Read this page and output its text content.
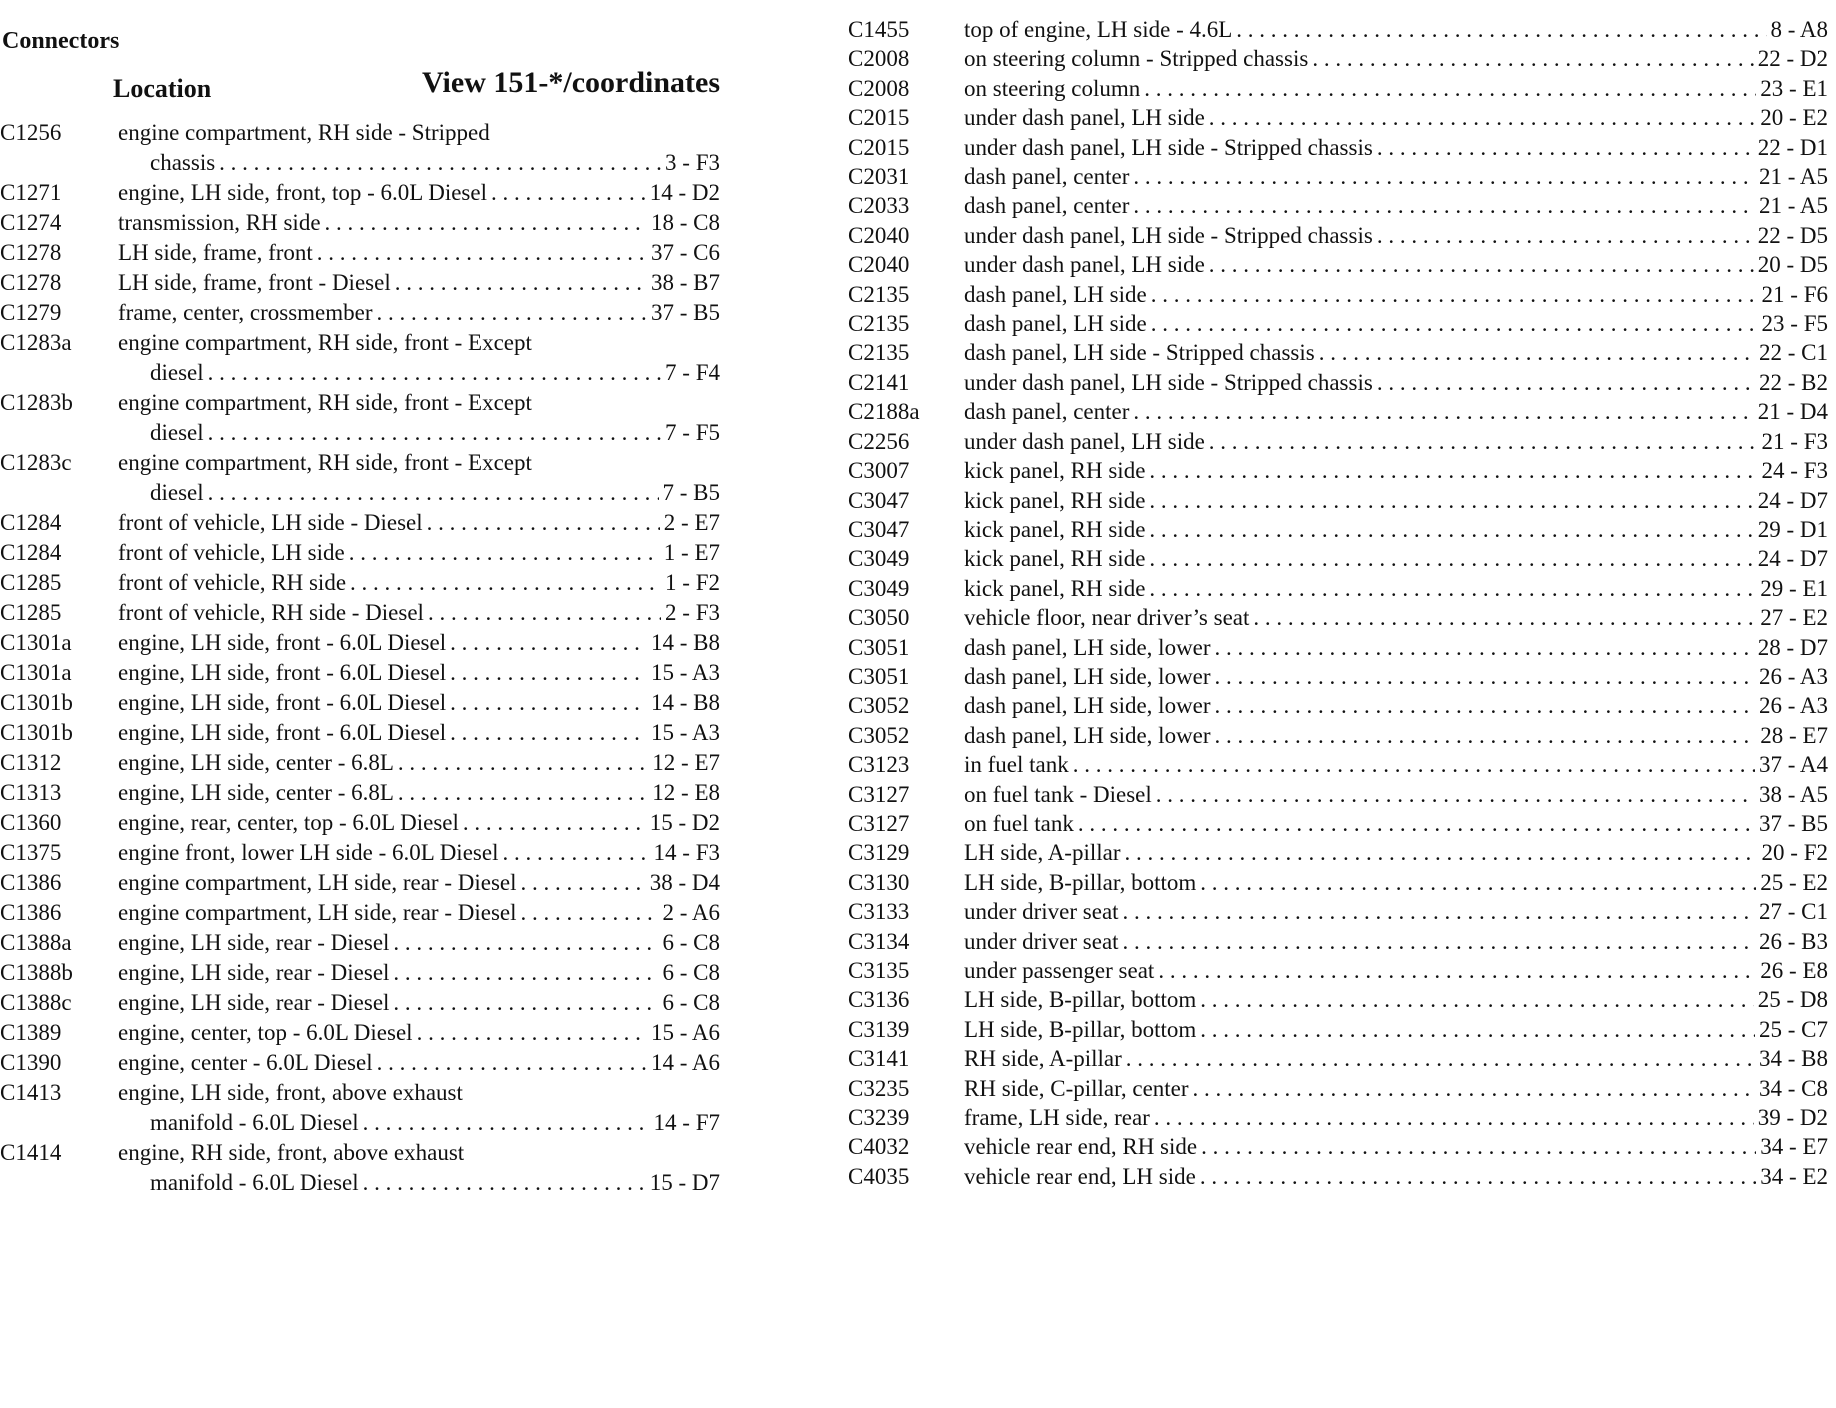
Connectors
Location	View 151-*/coordinates
C1256	engine compartment, RH side - Stripped
chassis . . .	3 - F3
C1271	engine, LH side, front, top - 6.0L Diesel . . .	14 - D2
C1274	transmission, RH side . . .	18 - C8
C1278	LH side, frame, front . . .	37 - C6
C1278	LH side, frame, front - Diesel . . .	38 - B7
C1279	frame, center, crossmember . . .	37 - B5
C1283a	engine compartment, RH side, front - Except
diesel . . .	7 - F4
C1283b	engine compartment, RH side, front - Except
diesel . . .	7 - F5
C1283c	engine compartment, RH side, front - Except
diesel . . .	7 - B5
C1284	front of vehicle, LH side - Diesel . . .	2 - E7
C1284	front of vehicle, LH side . . .	1 - E7
C1285	front of vehicle, RH side . . .	1 - F2
C1285	front of vehicle, RH side - Diesel . . .	2 - F3
C1301a	engine, LH side, front - 6.0L Diesel . . .	14 - B8
C1301a	engine, LH side, front - 6.0L Diesel . . .	15 - A3
C1301b	engine, LH side, front - 6.0L Diesel . . .	14 - B8
C1301b	engine, LH side, front - 6.0L Diesel . . .	15 - A3
C1312	engine, LH side, center - 6.8L . . .	12 - E7
C1313	engine, LH side, center - 6.8L . . .	12 - E8
C1360	engine, rear, center, top - 6.0L Diesel . . .	15 - D2
C1375	engine front, lower LH side - 6.0L Diesel . . .	14 - F3
C1386	engine compartment, LH side, rear - Diesel . . .	38 - D4
C1386	engine compartment, LH side, rear - Diesel . . .	2 - A6
C1388a	engine, LH side, rear - Diesel . . .	6 - C8
C1388b	engine, LH side, rear - Diesel . . .	6 - C8
C1388c	engine, LH side, rear - Diesel . . .	6 - C8
C1389	engine, center, top - 6.0L Diesel . . .	15 - A6
C1390	engine, center - 6.0L Diesel . . .	14 - A6
C1413	engine, LH side, front, above exhaust
manifold - 6.0L Diesel . . .	14 - F7
C1414	engine, RH side, front, above exhaust
manifold - 6.0L Diesel . . .	15 - D7
C1455	top of engine, LH side - 4.6L . . .	8 - A8
C2008	on steering column - Stripped chassis . . .	22 - D2
C2008	on steering column . . .	23 - E1
C2015	under dash panel, LH side . . .	20 - E2
C2015	under dash panel, LH side - Stripped chassis . . .	22 - D1
C2031	dash panel, center . . .	21 - A5
C2033	dash panel, center . . .	21 - A5
C2040	under dash panel, LH side - Stripped chassis . . .	22 - D5
C2040	under dash panel, LH side . . .	20 - D5
C2135	dash panel, LH side . . .	21 - F6
C2135	dash panel, LH side . . .	23 - F5
C2135	dash panel, LH side - Stripped chassis . . .	22 - C1
C2141	under dash panel, LH side - Stripped chassis . . .	22 - B2
C2188a	dash panel, center . . .	21 - D4
C2256	under dash panel, LH side . . .	21 - F3
C3007	kick panel, RH side . . .	24 - F3
C3047	kick panel, RH side . . .	24 - D7
C3047	kick panel, RH side . . .	29 - D1
C3049	kick panel, RH side . . .	24 - D7
C3049	kick panel, RH side . . .	29 - E1
C3050	vehicle floor, near driver’s seat . . .	27 - E2
C3051	dash panel, LH side, lower . . .	28 - D7
C3051	dash panel, LH side, lower . . .	26 - A3
C3052	dash panel, LH side, lower . . .	26 - A3
C3052	dash panel, LH side, lower . . .	28 - E7
C3123	in fuel tank . . .	37 - A4
C3127	on fuel tank - Diesel . . .	38 - A5
C3127	on fuel tank . . .	37 - B5
C3129	LH side, A-pillar . . .	20 - F2
C3130	LH side, B-pillar, bottom . . .	25 - E2
C3133	under driver seat . . .	27 - C1
C3134	under driver seat . . .	26 - B3
C3135	under passenger seat . . .	26 - E8
C3136	LH side, B-pillar, bottom . . .	25 - D8
C3139	LH side, B-pillar, bottom . . .	25 - C7
C3141	RH side, A-pillar . . .	34 - B8
C3235	RH side, C-pillar, center . . .	34 - C8
C3239	frame, LH side, rear . . .	39 - D2
C4032	vehicle rear end, RH side . . .	34 - E7
C4035	vehicle rear end, LH side . . .	34 - E2
